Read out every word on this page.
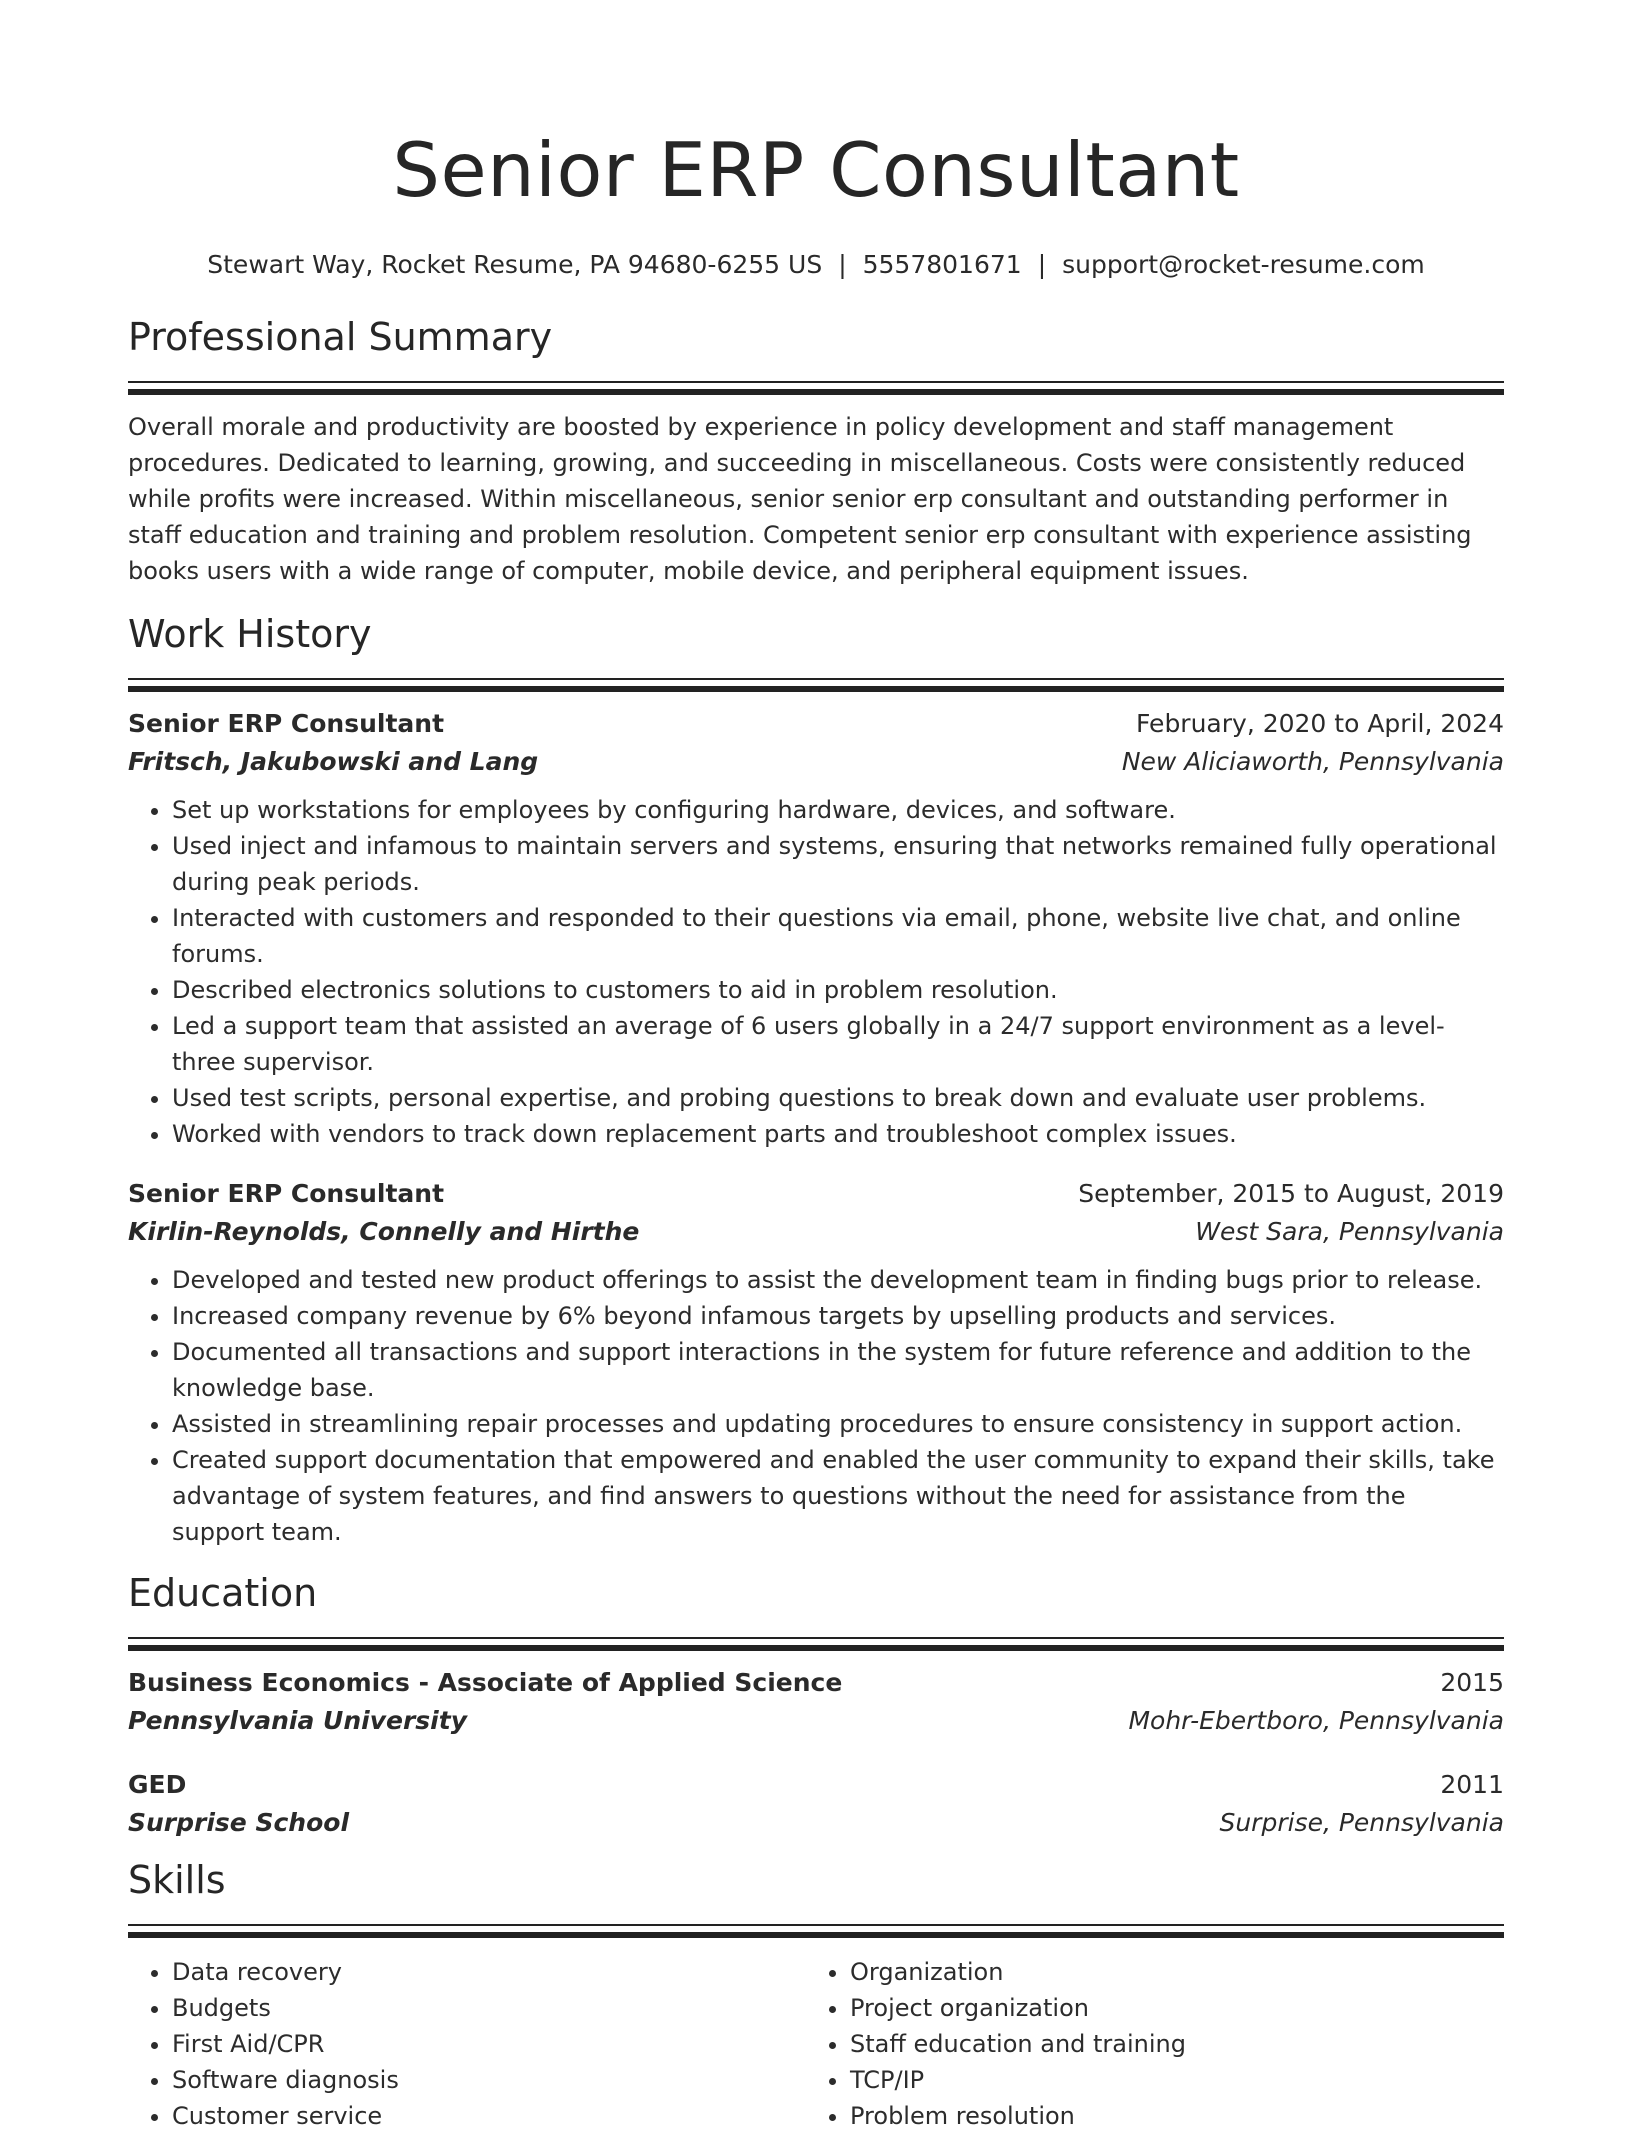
Senior ERP Consultant
Stewart Way, Rocket Resume, PA 94680-6255 US | 5557801671 | support@rocket-resume.com
Professional Summary
Overall morale and productivity are boosted by experience in policy development and staff management procedures. Dedicated to learning, growing, and succeeding in miscellaneous. Costs were consistently reduced while profits were increased. Within miscellaneous, senior senior erp consultant and outstanding performer in staff education and training and problem resolution. Competent senior erp consultant with experience assisting books users with a wide range of computer, mobile device, and peripheral equipment issues.
Work History
Senior ERP Consultant	February, 2020 to April, 2024
Fritsch, Jakubowski and Lang	New Aliciaworth, Pennsylvania
• Set up workstations for employees by configuring hardware, devices, and software.
• Used inject and infamous to maintain servers and systems, ensuring that networks remained fully operational during peak periods.
• Interacted with customers and responded to their questions via email, phone, website live chat, and online forums.
• Described electronics solutions to customers to aid in problem resolution.
• Led a support team that assisted an average of 6 users globally in a 24/7 support environment as a level-three supervisor.
• Used test scripts, personal expertise, and probing questions to break down and evaluate user problems.
• Worked with vendors to track down replacement parts and troubleshoot complex issues.
Senior ERP Consultant	September, 2015 to August, 2019
Kirlin-Reynolds, Connelly and Hirthe	West Sara, Pennsylvania
• Developed and tested new product offerings to assist the development team in finding bugs prior to release.
• Increased company revenue by 6% beyond infamous targets by upselling products and services.
• Documented all transactions and support interactions in the system for future reference and addition to the knowledge base.
• Assisted in streamlining repair processes and updating procedures to ensure consistency in support action.
• Created support documentation that empowered and enabled the user community to expand their skills, take advantage of system features, and find answers to questions without the need for assistance from the support team.
Education
Business Economics - Associate of Applied Science	2015
Pennsylvania University	Mohr-Ebertboro, Pennsylvania
GED	2011
Surprise School	Surprise, Pennsylvania
Skills
• Data recovery
• Budgets
• First Aid/CPR
• Software diagnosis
• Customer service
• Organization
• Project organization
• Staff education and training
• TCP/IP
• Problem resolution
